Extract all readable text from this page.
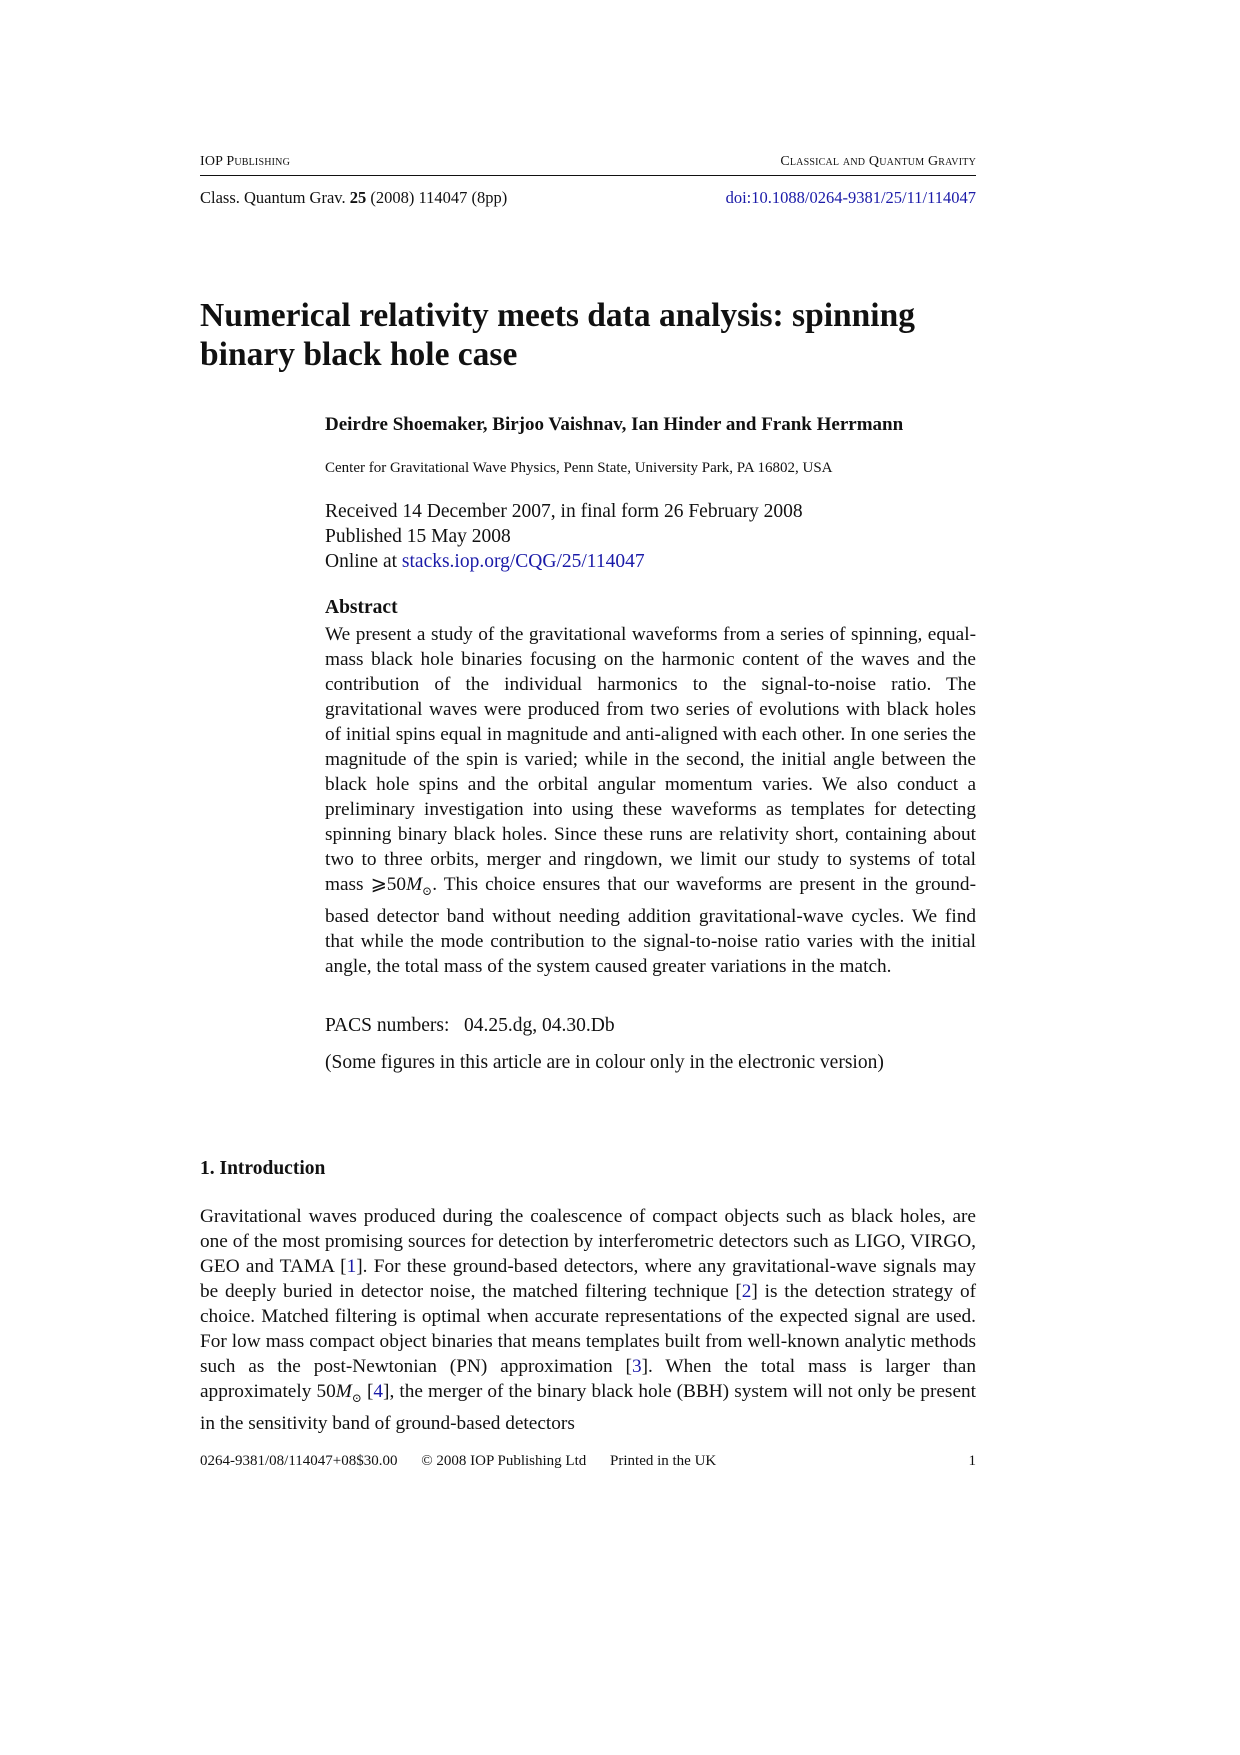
IOP Publishing	Classical and Quantum Gravity
Class. Quantum Grav. 25 (2008) 114047 (8pp)	doi:10.1088/0264-9381/25/11/114047
Numerical relativity meets data analysis: spinning binary black hole case
Deirdre Shoemaker, Birjoo Vaishnav, Ian Hinder and Frank Herrmann
Center for Gravitational Wave Physics, Penn State, University Park, PA 16802, USA
Received 14 December 2007, in final form 26 February 2008
Published 15 May 2008
Online at stacks.iop.org/CQG/25/114047
Abstract
We present a study of the gravitational waveforms from a series of spinning, equal-mass black hole binaries focusing on the harmonic content of the waves and the contribution of the individual harmonics to the signal-to-noise ratio. The gravitational waves were produced from two series of evolutions with black holes of initial spins equal in magnitude and anti-aligned with each other. In one series the magnitude of the spin is varied; while in the second, the initial angle between the black hole spins and the orbital angular momentum varies. We also conduct a preliminary investigation into using these waveforms as templates for detecting spinning binary black holes. Since these runs are relativity short, containing about two to three orbits, merger and ringdown, we limit our study to systems of total mass $⩾50M_⊙$. This choice ensures that our waveforms are present in the ground-based detector band without needing addition gravitational-wave cycles. We find that while the mode contribution to the signal-to-noise ratio varies with the initial angle, the total mass of the system caused greater variations in the match.
PACS numbers:   04.25.dg, 04.30.Db
(Some figures in this article are in colour only in the electronic version)
1. Introduction
Gravitational waves produced during the coalescence of compact objects such as black holes, are one of the most promising sources for detection by interferometric detectors such as LIGO, VIRGO, GEO and TAMA [1]. For these ground-based detectors, where any gravitational-wave signals may be deeply buried in detector noise, the matched filtering technique [2] is the detection strategy of choice. Matched filtering is optimal when accurate representations of the expected signal are used. For low mass compact object binaries that means templates built from well-known analytic methods such as the post-Newtonian (PN) approximation [3]. When the total mass is larger than approximately $50M_⊙$ [4], the merger of the binary black hole (BBH) system will not only be present in the sensitivity band of ground-based detectors
0264-9381/08/114047+08$30.00 © 2008 IOP Publishing Ltd Printed in the UK	1
